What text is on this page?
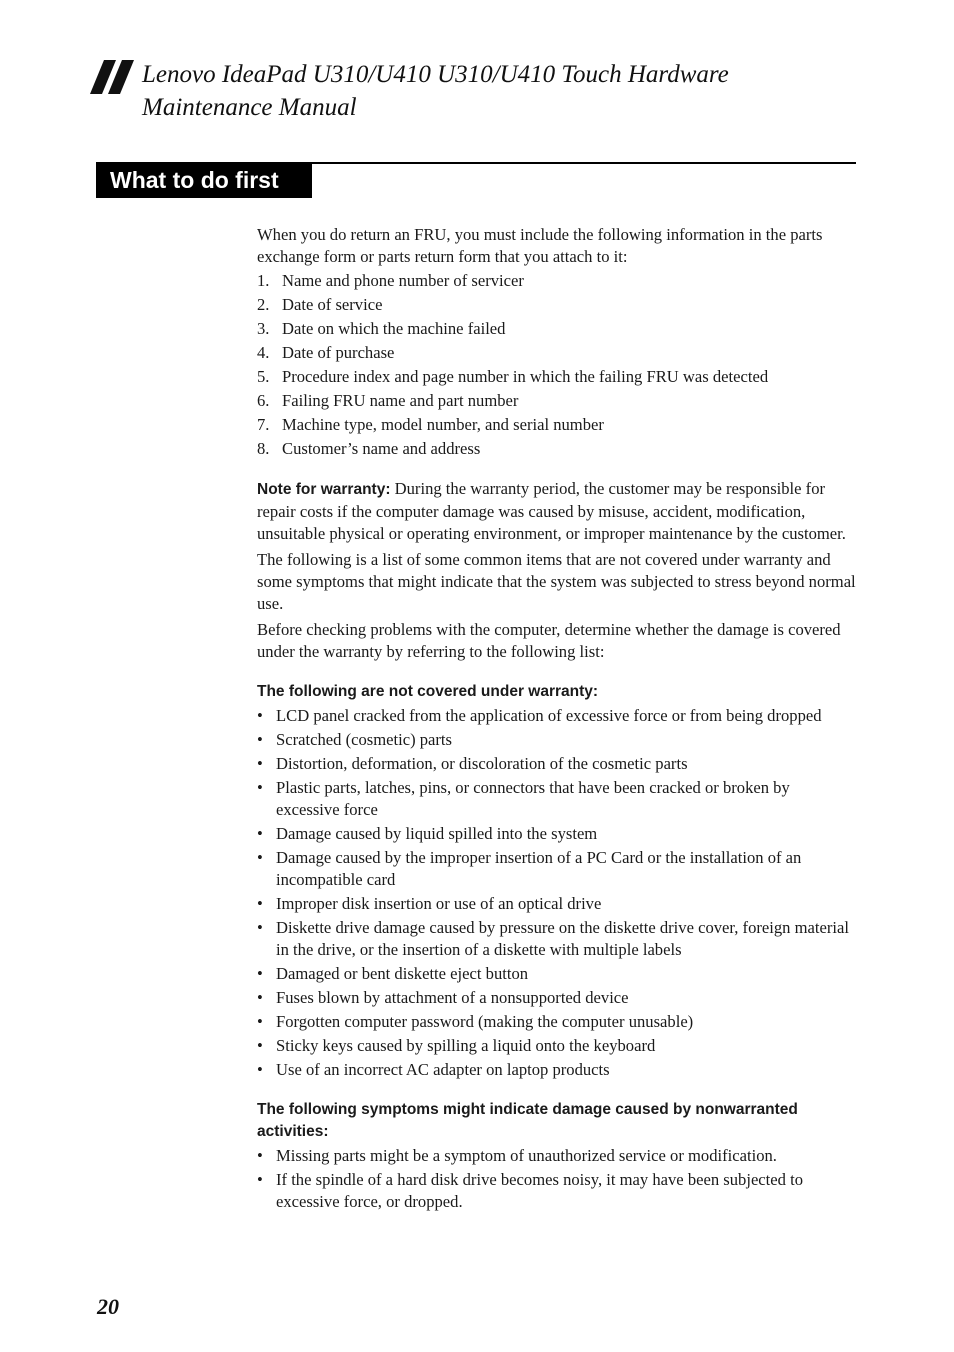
Lenovo IdeaPad U310/U410 U310/U410 Touch Hardware Maintenance Manual
What to do first

When you do return an FRU, you must include the following information in the parts exchange form or parts return form that you attach to it:

1. Name and phone number of servicer
2. Date of service
3. Date on which the machine failed
4. Date of purchase
5. Procedure index and page number in which the failing FRU was detected
6. Failing FRU name and part number
7. Machine type, model number, and serial number
8. Customer’s name and address

Note for warranty: During the warranty period, the customer may be responsible for repair costs if the computer damage was caused by misuse, accident, modification, unsuitable physical or operating environment, or improper maintenance by the customer.

The following is a list of some common items that are not covered under warranty and some symptoms that might indicate that the system was subjected to stress beyond normal use.

Before checking problems with the computer, determine whether the damage is covered under the warranty by referring to the following list:

The following are not covered under warranty:
• LCD panel cracked from the application of excessive force or from being dropped
• Scratched (cosmetic) parts
• Distortion, deformation, or discoloration of the cosmetic parts
• Plastic parts, latches, pins, or connectors that have been cracked or broken by excessive force
• Damage caused by liquid spilled into the system
• Damage caused by the improper insertion of a PC Card or the installation of an incompatible card
• Improper disk insertion or use of an optical drive
• Diskette drive damage caused by pressure on the diskette drive cover, foreign material in the drive, or the insertion of a diskette with multiple labels
• Damaged or bent diskette eject button
• Fuses blown by attachment of a nonsupported device
• Forgotten computer password (making the computer unusable)
• Sticky keys caused by spilling a liquid onto the keyboard
• Use of an incorrect AC adapter on laptop products
The following symptoms might indicate damage caused by nonwarranted activities:
• Missing parts might be a symptom of unauthorized service or modification.
• If the spindle of a hard disk drive becomes noisy, it may have been subjected to excessive force, or dropped.
20
